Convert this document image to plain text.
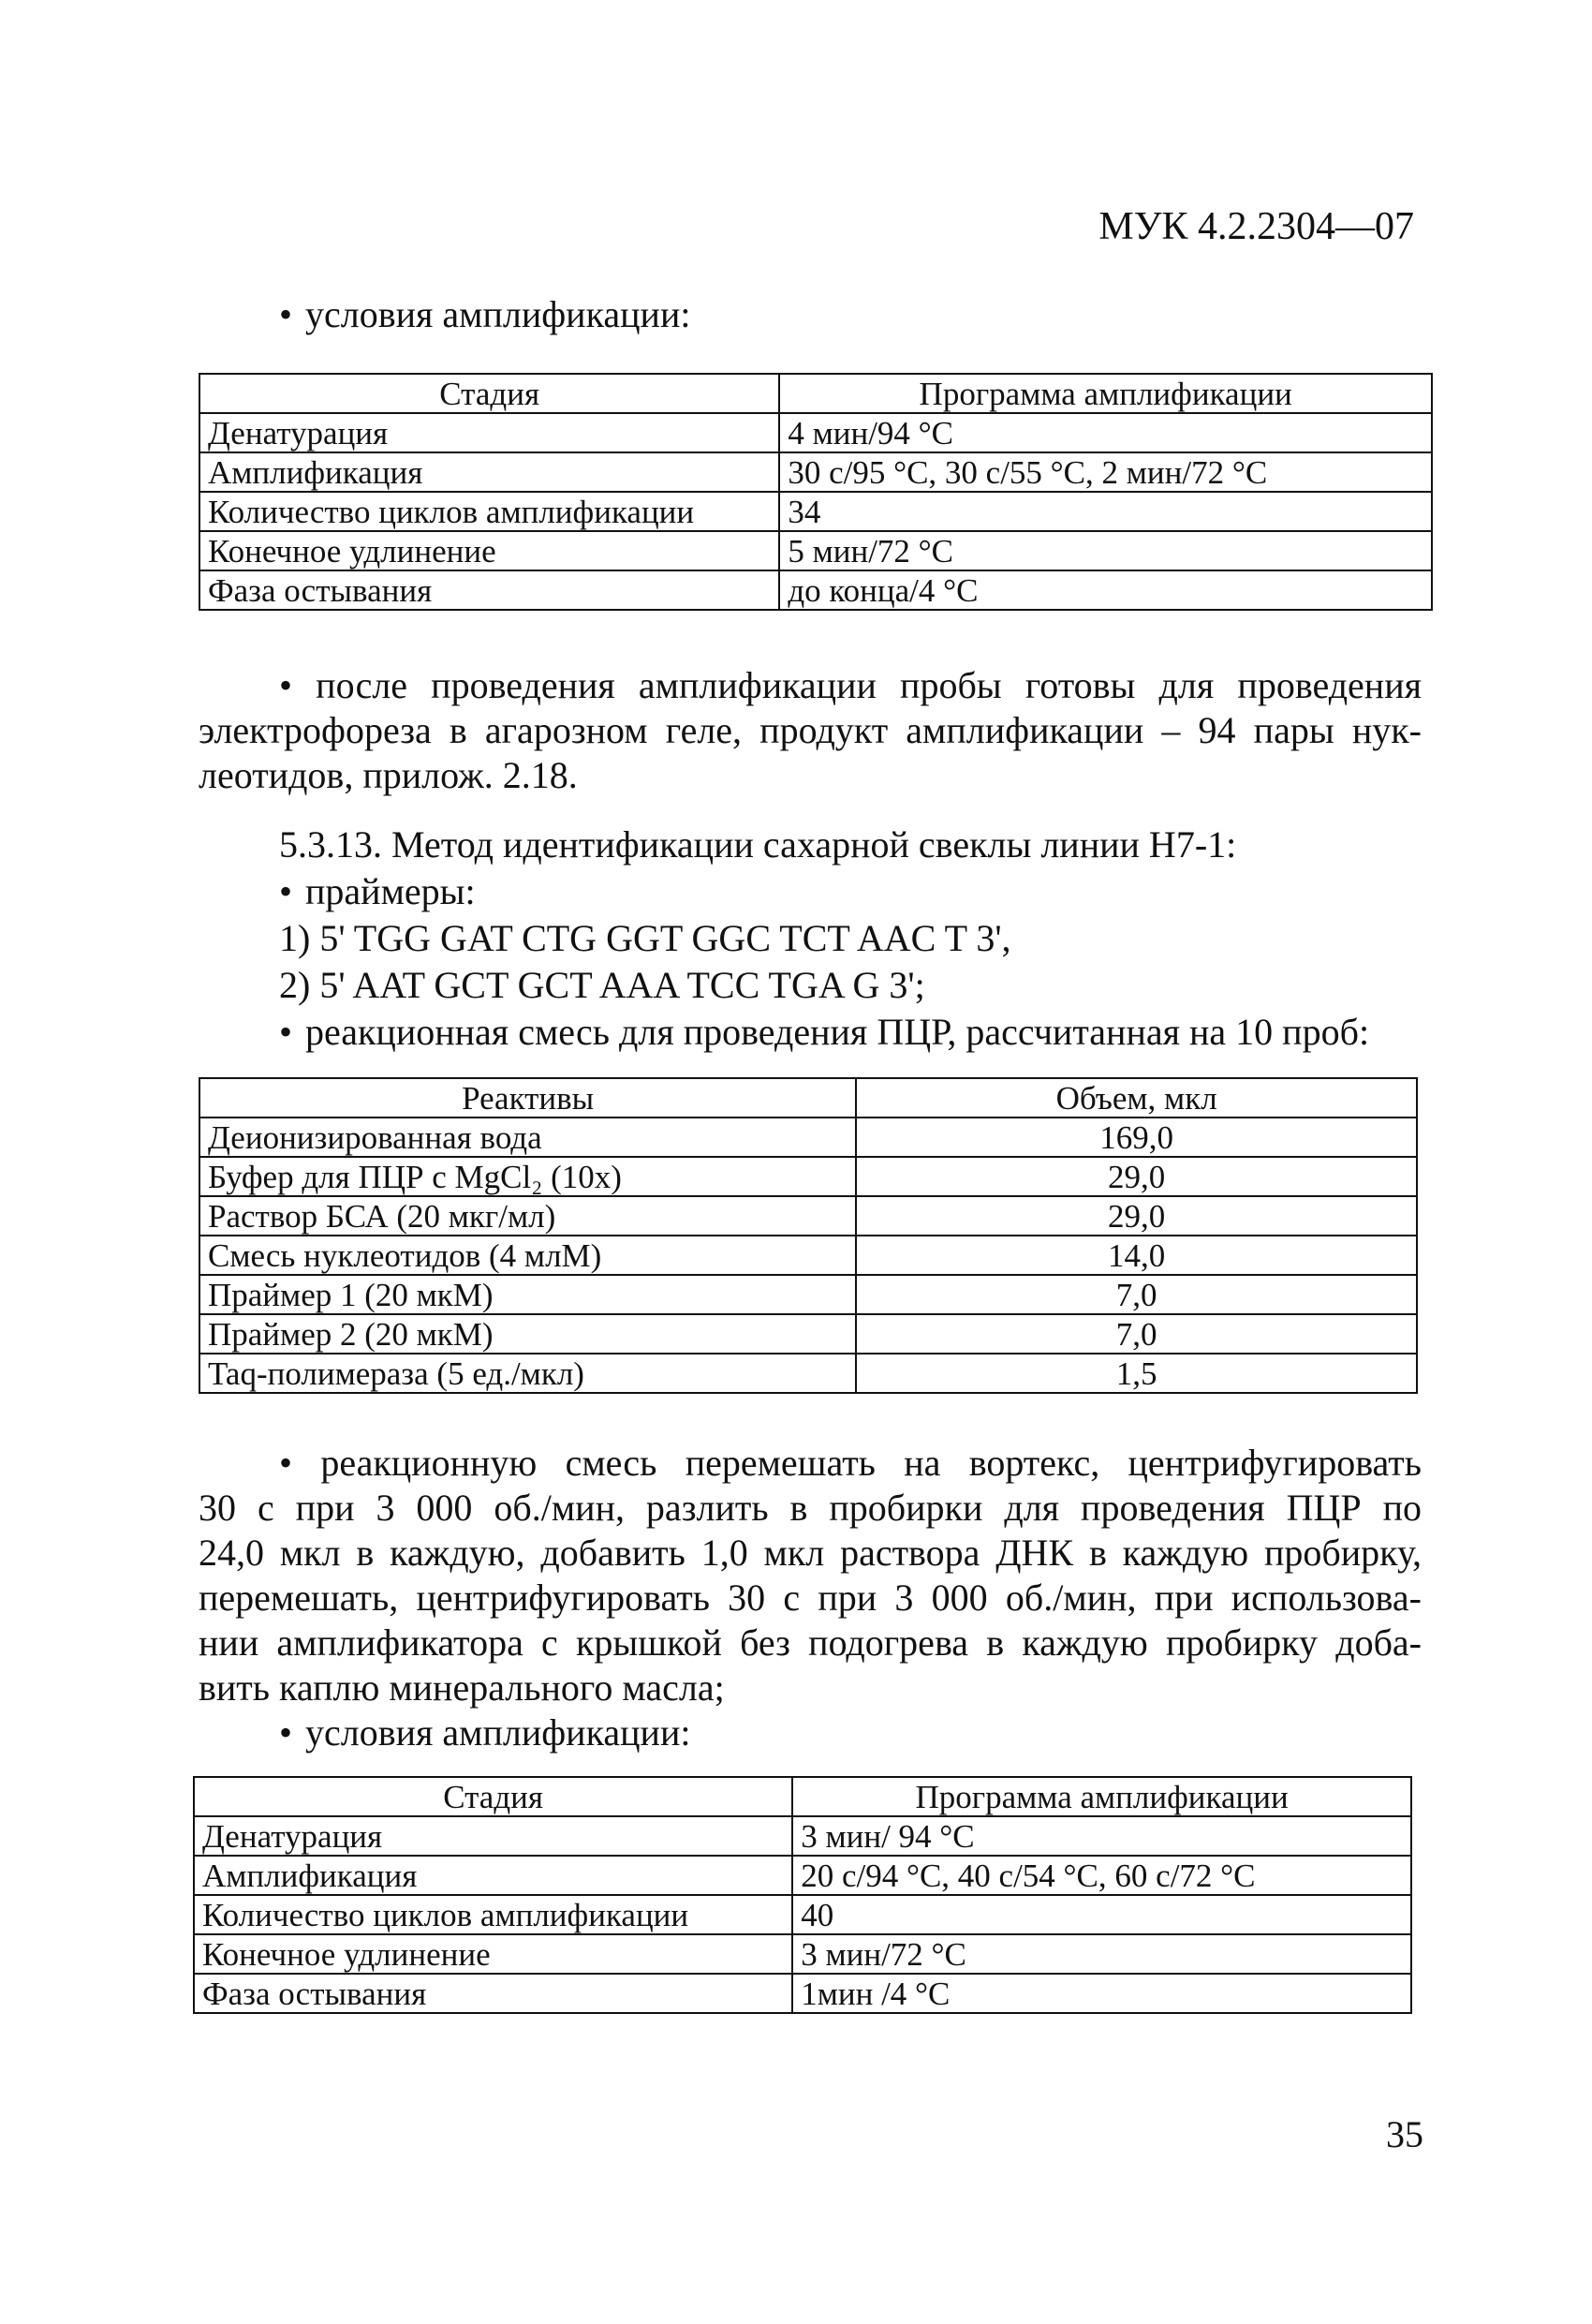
МУК 4.2.2304—07
• условия амплификации:
Стадия	Программа амплификации
Денатурация	4 мин/94 °С
Амплификация	30 с/95 °С, 30 с/55 °С, 2 мин/72 °С
Количество циклов амплификации	34
Конечное удлинение	5 мин/72 °С
Фаза остывания	до конца/4 °С
• после проведения амплификации пробы готовы для проведения
электрофореза в агарозном геле, продукт амплификации – 94 пары нук-
леотидов, прилож. 2.18.
5.3.13. Метод идентификации сахарной свеклы линии Н7-1:
• праймеры:
1) 5' TGG GAT CTG GGT GGC TCT AAC T 3',
2) 5' AAT GCT GCT AAA TCC TGA G 3';
• реакционная смесь для проведения ПЦР, рассчитанная на 10 проб:
Реактивы	Объем, мкл
Деионизированная вода	169,0
Буфер для ПЦР с MgCl₂ (10х)	29,0
Раствор БСА (20 мкг/мл)	29,0
Смесь нуклеотидов (4 млМ)	14,0
Праймер 1 (20 мкМ)	7,0
Праймер 2 (20 мкМ)	7,0
Taq-полимераза (5 ед./мкл)	1,5
• реакционную смесь перемешать на вортекс, центрифугировать
30 с при 3 000 об./мин, разлить в пробирки для проведения ПЦР по
24,0 мкл в каждую, добавить 1,0 мкл раствора ДНК в каждую пробирку,
перемешать, центрифугировать 30 с при 3 000 об./мин, при использова-
нии амплификатора с крышкой без подогрева в каждую пробирку доба-
вить каплю минерального масла;
• условия амплификации:
Стадия	Программа амплификации
Денатурация	3 мин/ 94 °С
Амплификация	20 с/94 °С, 40 с/54 °С, 60 с/72 °С
Количество циклов амплификации	40
Конечное удлинение	3 мин/72 °С
Фаза остывания	1мин /4 °С
35
